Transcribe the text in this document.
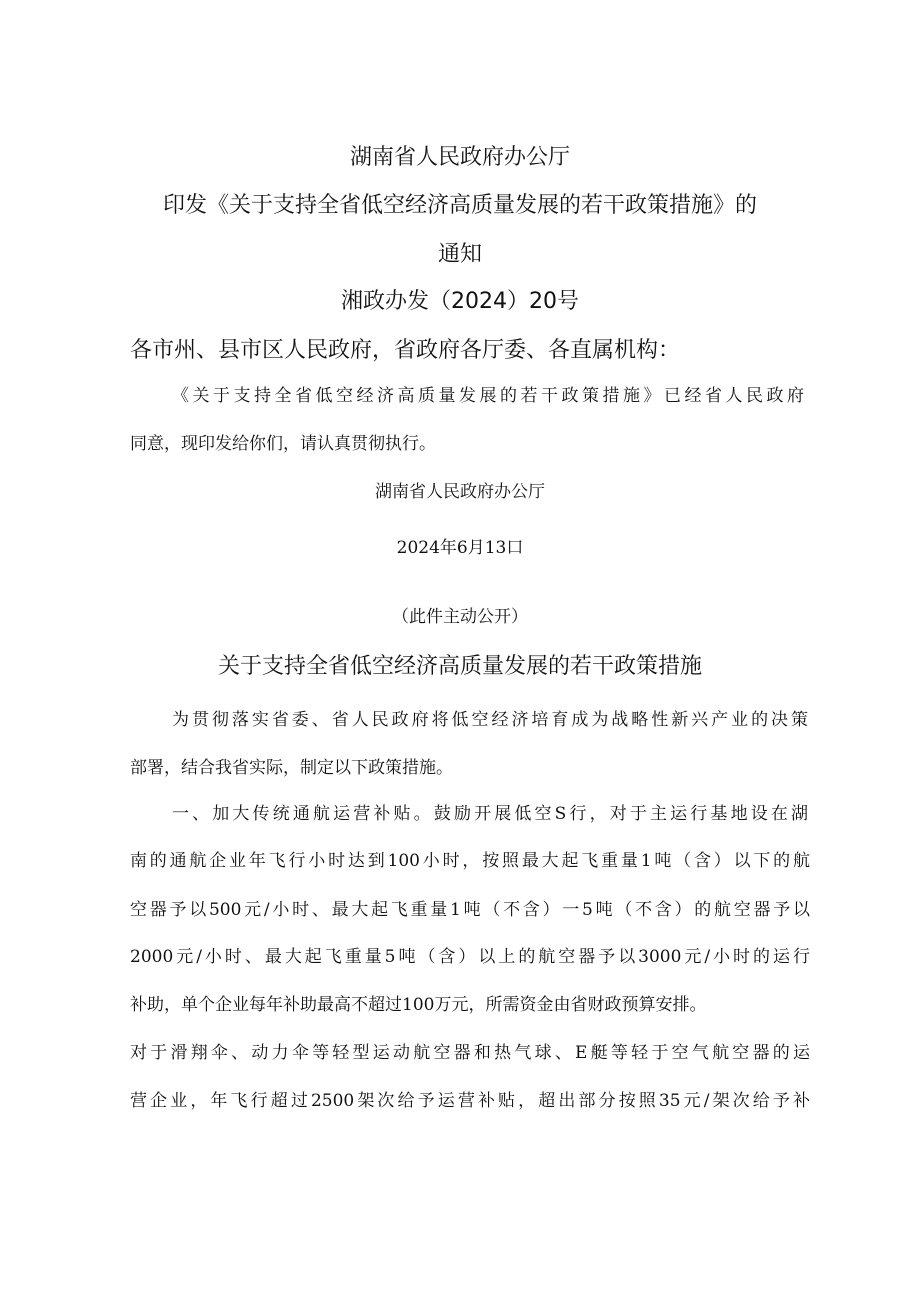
湖南省人民政府办公厅
印发《关于支持全省低空经济高质量发展的若干政策措施》的
通知
湘政办发（2024）20号
各市州、县市区人民政府，省政府各厅委、各直属机构：
《关于支持全省低空经济高质量发展的若干政策措施》已经省人民政府
同意，现印发给你们，请认真贯彻执行。
湖南省人民政府办公厅
2024年6月13口
（此件主动公开）
关于支持全省低空经济高质量发展的若干政策措施
为贯彻落实省委、省人民政府将低空经济培育成为战略性新兴产业的决策
部署，结合我省实际，制定以下政策措施。
一、加大传统通航运营补贴。鼓励开展低空S行，对于主运行基地设在湖
南的通航企业年飞行小时达到100小时，按照最大起飞重量1吨（含）以下的航
空器予以500元/小时、最大起飞重量1吨（不含）一5吨（不含）的航空器予以
2000元/小时、最大起飞重量5吨（含）以上的航空器予以3000元/小时的运行
补助，单个企业每年补助最高不超过100万元，所需资金由省财政预算安排。
对于滑翔伞、动力伞等轻型运动航空器和热气球、E艇等轻于空气航空器的运
营企业，年飞行超过2500架次给予运营补贴，超出部分按照35元/架次给予补
